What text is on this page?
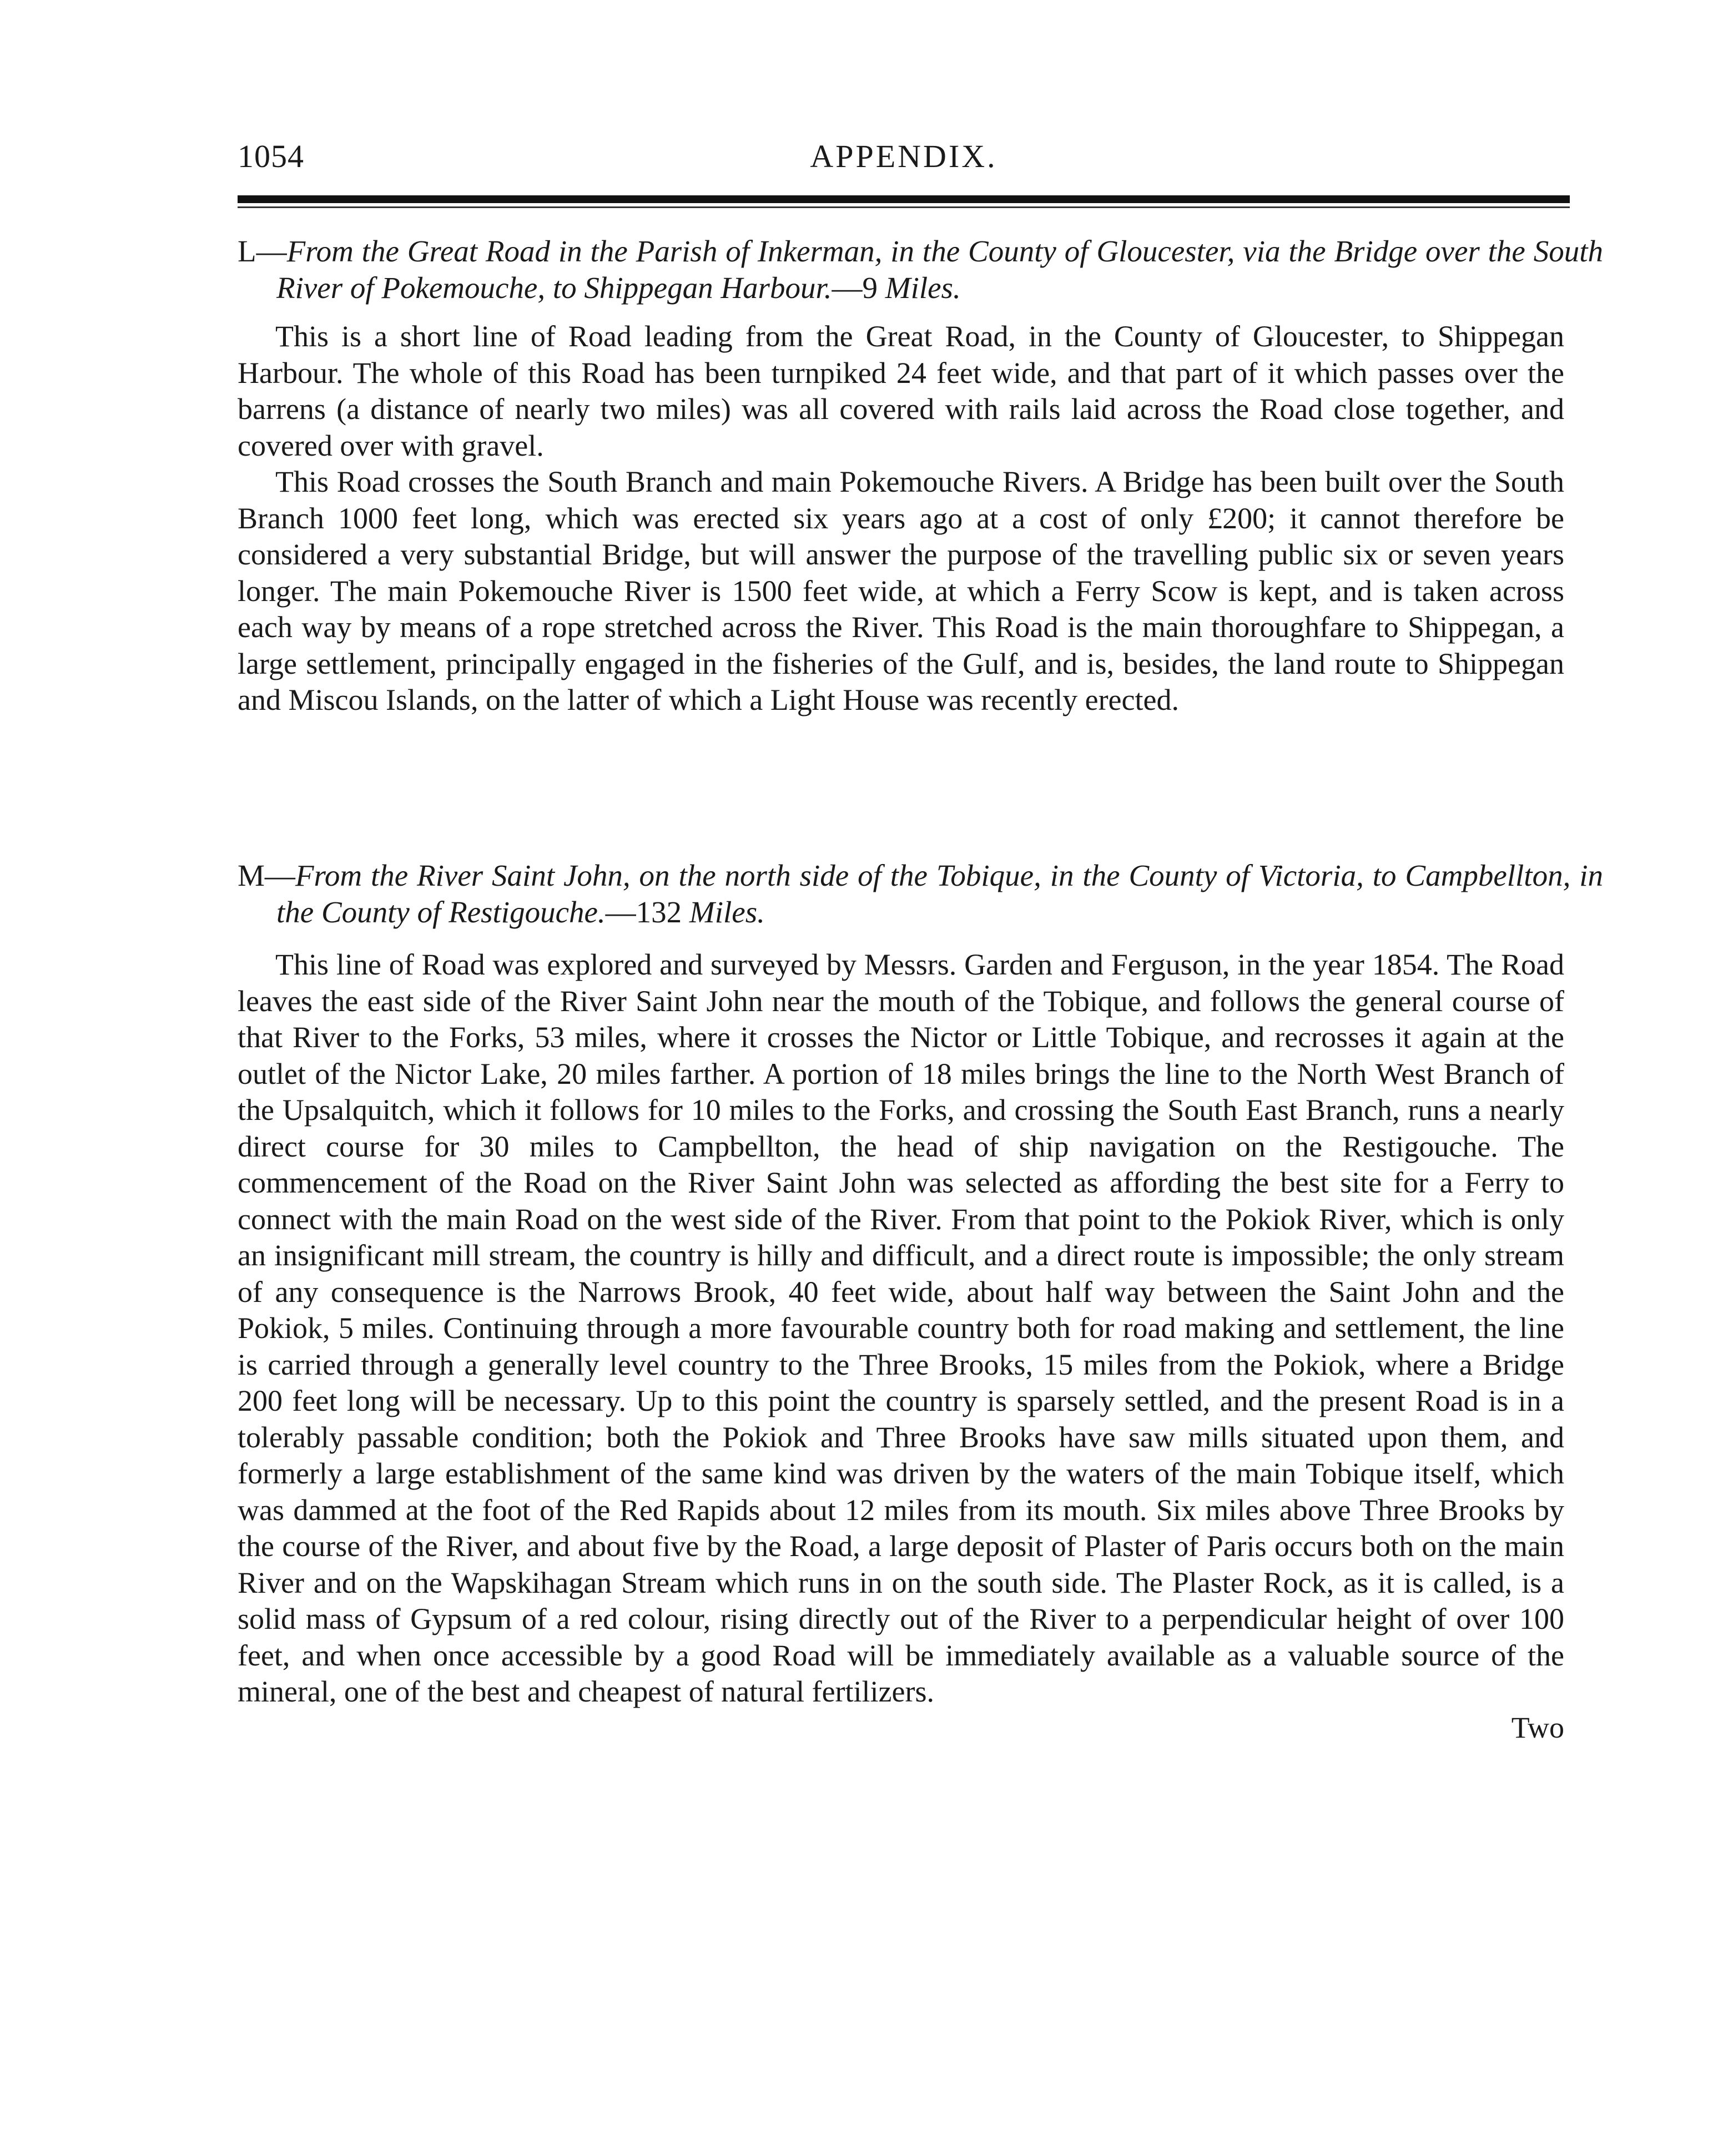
1054	APPENDIX.
L—From the Great Road in the Parish of Inkerman, in the County of Gloucester, via the Bridge over the South River of Pokemouche, to Shippegan Harbour.—9 Miles.

This is a short line of Road leading from the Great Road, in the County of Gloucester, to Shippegan Harbour. The whole of this Road has been turnpiked 24 feet wide, and that part of it which passes over the barrens (a distance of nearly two miles) was all covered with rails laid across the Road close together, and covered over with gravel.

This Road crosses the South Branch and main Pokemouche Rivers. A Bridge has been built over the South Branch 1000 feet long, which was erected six years ago at a cost of only £200; it cannot therefore be considered a very substantial Bridge, but will answer the purpose of the travelling public six or seven years longer. The main Pokemouche River is 1500 feet wide, at which a Ferry Scow is kept, and is taken across each way by means of a rope stretched across the River. This Road is the main thoroughfare to Shippegan, a large settlement, principally engaged in the fisheries of the Gulf, and is, besides, the land route to Shippegan and Miscou Islands, on the latter of which a Light House was recently erected.

M—From the River Saint John, on the north side of the Tobique, in the County of Victoria, to Campbellton, in the County of Restigouche.—132 Miles.

This line of Road was explored and surveyed by Messrs. Garden and Ferguson, in the year 1854. The Road leaves the east side of the River Saint John near the mouth of the Tobique, and follows the general course of that River to the Forks, 53 miles, where it crosses the Nictor or Little Tobique, and recrosses it again at the outlet of the Nictor Lake, 20 miles farther. A portion of 18 miles brings the line to the North West Branch of the Upsalquitch, which it follows for 10 miles to the Forks, and crossing the South East Branch, runs a nearly direct course for 30 miles to Campbellton, the head of ship navigation on the Restigouche. The commencement of the Road on the River Saint John was selected as affording the best site for a Ferry to connect with the main Road on the west side of the River. From that point to the Pokiok River, which is only an insignificant mill stream, the country is hilly and difficult, and a direct route is impossible; the only stream of any consequence is the Narrows Brook, 40 feet wide, about half way between the Saint John and the Pokiok, 5 miles. Continuing through a more favourable country both for road making and settlement, the line is carried through a generally level country to the Three Brooks, 15 miles from the Pokiok, where a Bridge 200 feet long will be necessary. Up to this point the country is sparsely settled, and the present Road is in a tolerably passable condition; both the Pokiok and Three Brooks have saw mills situated upon them, and formerly a large establishment of the same kind was driven by the waters of the main Tobique itself, which was dammed at the foot of the Red Rapids about 12 miles from its mouth. Six miles above Three Brooks by the course of the River, and about five by the Road, a large deposit of Plaster of Paris occurs both on the main River and on the Wapskihagan Stream which runs in on the south side. The Plaster Rock, as it is called, is a solid mass of Gypsum of a red colour, rising directly out of the River to a perpendicular height of over 100 feet, and when once accessible by a good Road will be immediately available as a valuable source of the mineral, one of the best and cheapest of natural fertilizers.

Two
